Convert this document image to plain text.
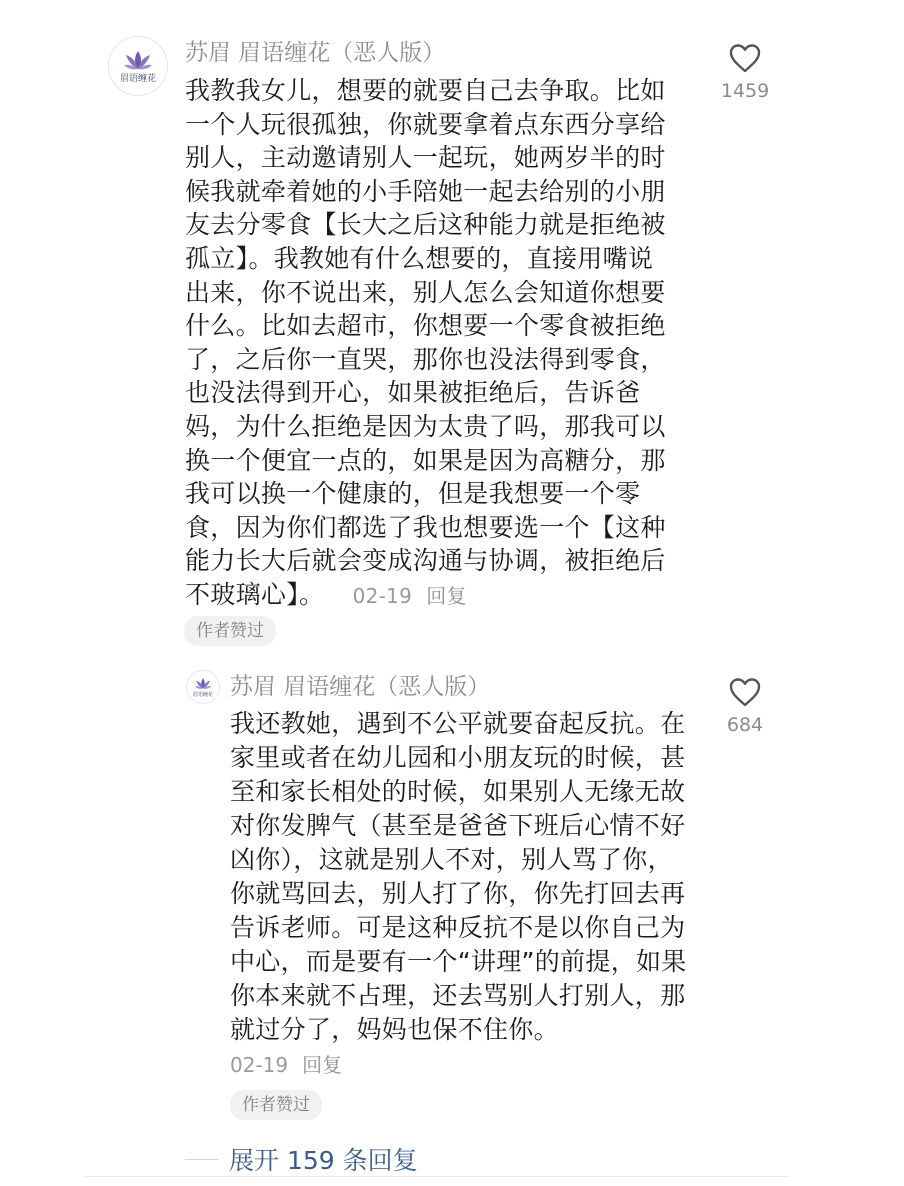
眉语缠花
苏眉 眉语缠花（恶人版）
我教我女儿，想要的就要自己去争取。比如一个人玩很孤独，你就要拿着点东西分享给别人，主动邀请别人一起玩，她两岁半的时候我就牵着她的小手陪她一起去给别的小朋友去分零食【长大之后这种能力就是拒绝被孤立】。我教她有什么想要的，直接用嘴说出来，你不说出来，别人怎么会知道你想要什么。比如去超市，你想要一个零食被拒绝了，之后你一直哭，那你也没法得到零食，也没法得到开心，如果被拒绝后，告诉爸妈，为什么拒绝是因为太贵了吗，那我可以换一个便宜一点的，如果是因为高糖分，那我可以换一个健康的，但是我想要一个零食，因为你们都选了我也想要选一个【这种能力长大后就会变成沟通与协调，被拒绝后不玻璃心】。 02-19 回复
作者赞过
1459
眉语缠花 苏眉 眉语缠花（恶人版）
我还教她，遇到不公平就要奋起反抗。在家里或者在幼儿园和小朋友玩的时候，甚至和家长相处的时候，如果别人无缘无故对你发脾气（甚至是爸爸下班后心情不好凶你），这就是别人不对，别人骂了你，你就骂回去，别人打了你，你先打回去再告诉老师。可是这种反抗不是以你自己为中心，而是要有一个“讲理”的前提，如果你本来就不占理，还去骂别人打别人，那就过分了，妈妈也保不住你。
02-19 回复
作者赞过
684
展开 159 条回复
